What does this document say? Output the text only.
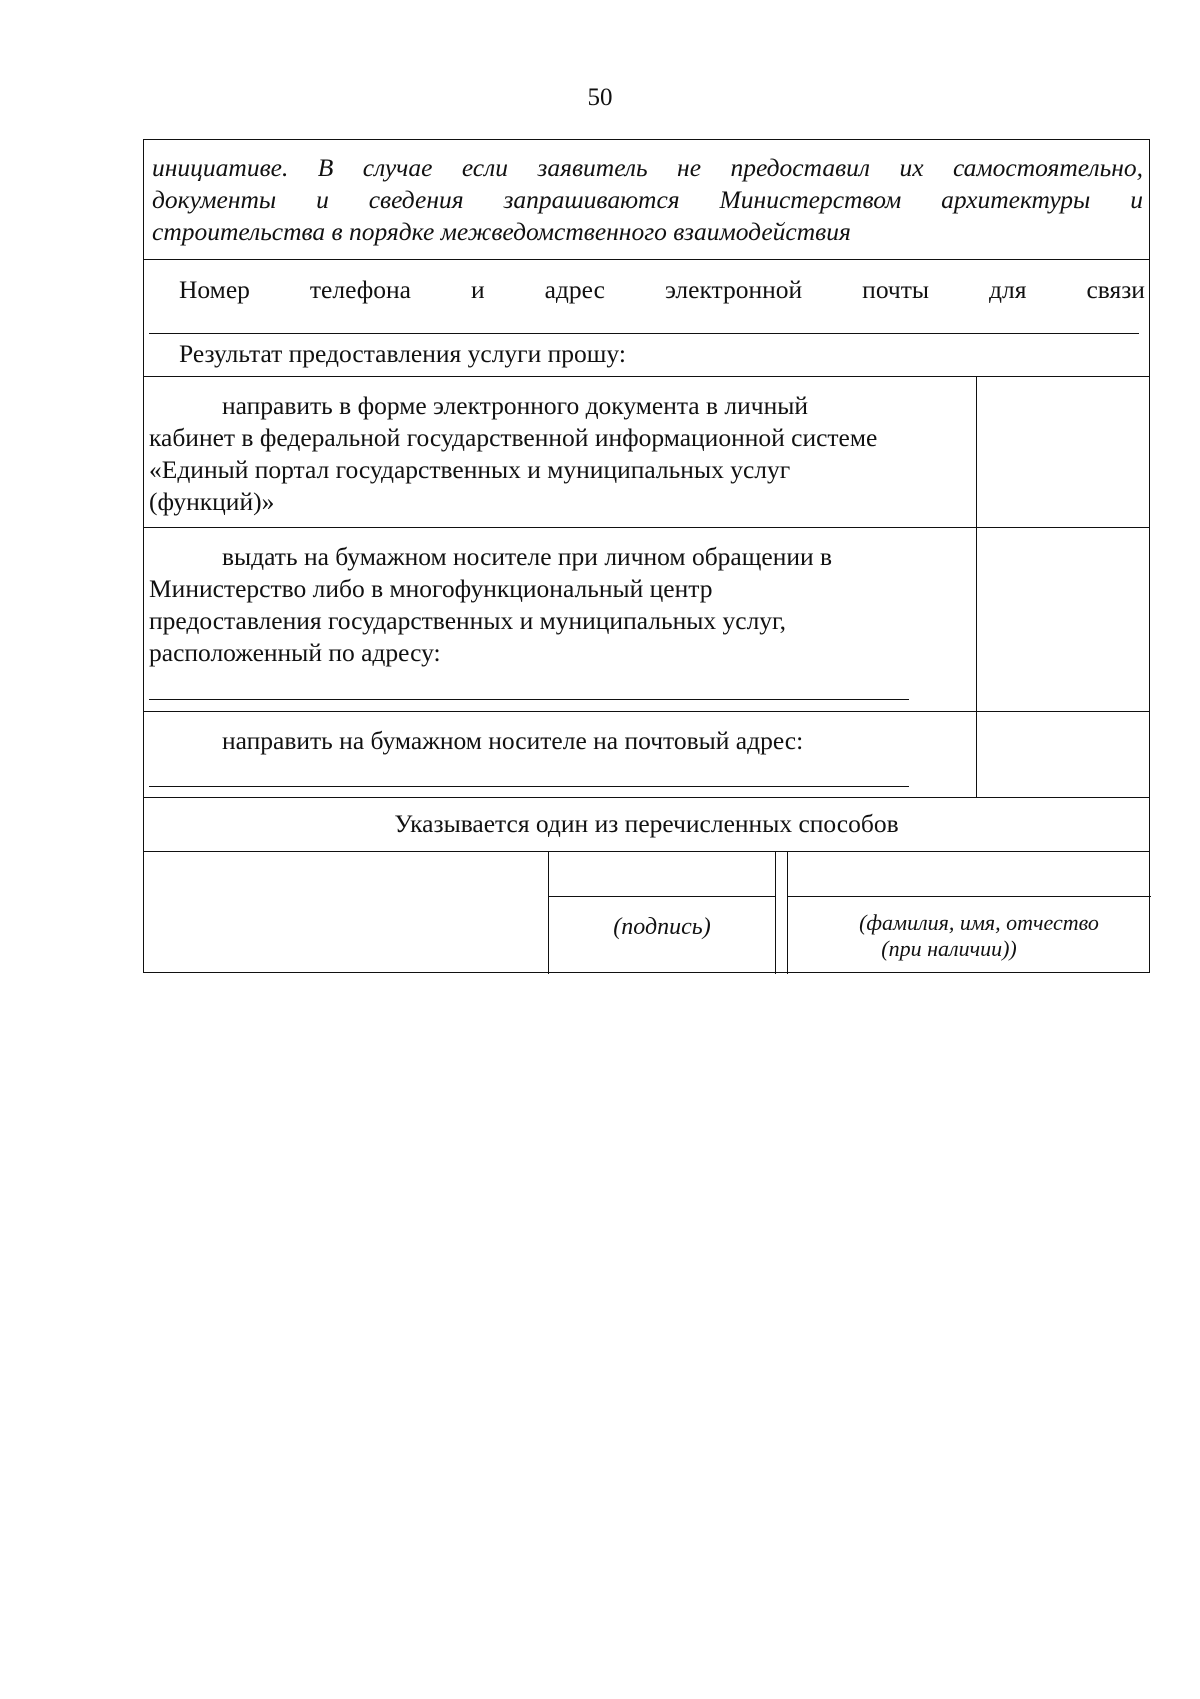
50
инициативе. В случае если заявитель не предоставил их самостоятельно,
документы и сведения запрашиваются Министерством архитектуры и
строительства в порядке межведомственного взаимодействия
Номер телефона и адрес электронной почты для связи
Результат предоставления услуги прошу:
направить в форме электронного документа в личный
кабинет в федеральной государственной информационной системе
«Единый портал государственных и муниципальных услуг
(функций)»
выдать на бумажном носителе при личном обращении в
Министерство либо в многофункциональный центр
предоставления государственных и муниципальных услуг,
расположенный по адресу:
направить на бумажном носителе на почтовый адрес:
Указывается один из перечисленных способов
(подпись)	(фамилия, имя, отчество
(при наличии))
